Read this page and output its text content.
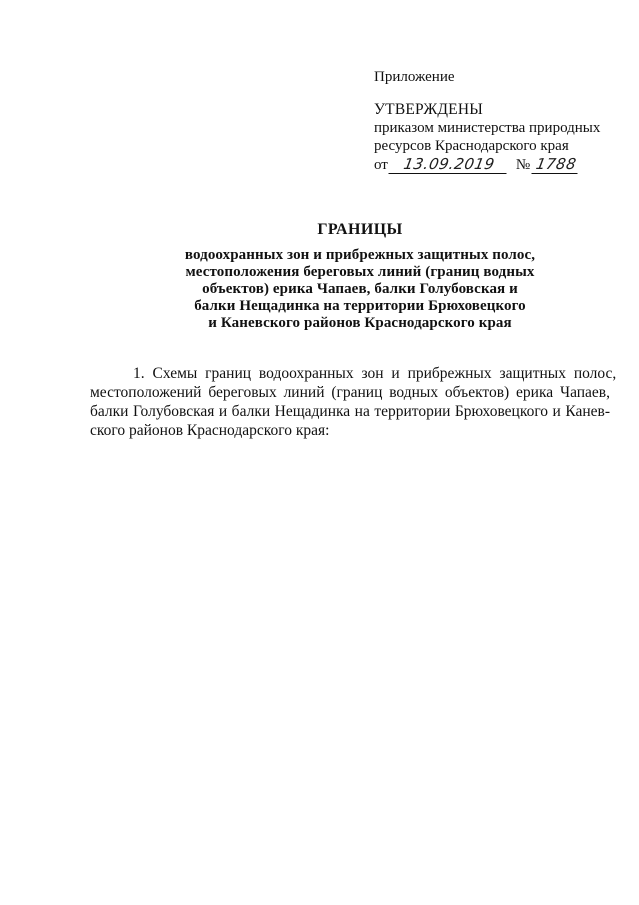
Приложение
УТВЕРЖДЕНЫ
приказом министерства природных
ресурсов Краснодарского края
от 13.09.2019	№ 1788
ГРАНИЦЫ
водоохранных зон и прибрежных защитных полос,
местоположения береговых линий (границ водных
объектов) ерика Чапаев, балки Голубовская и
балки Нещадинка на территории Брюховецкого
и Каневского районов Краснодарского края

1. Схемы границ водоохранных зон и прибрежных защитных полос,
местоположений береговых линий (границ водных объектов) ерика Чапаев,
балки Голубовская и балки Нещадинка на территории Брюховецкого и Канев-
ского районов Краснодарского края:
